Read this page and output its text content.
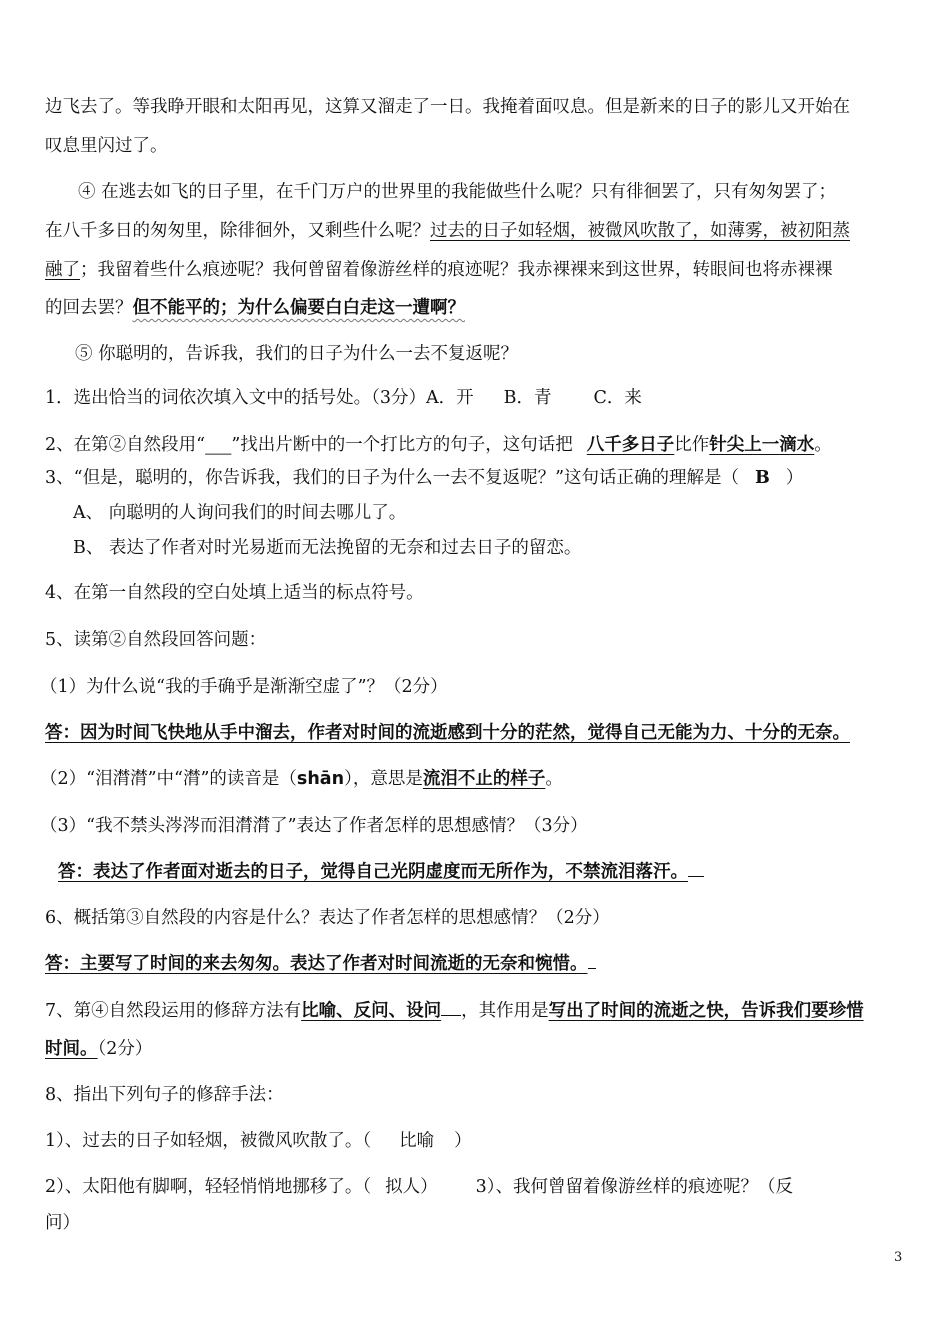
边飞去了。等我睁开眼和太阳再见，这算又溜走了一日。我掩着面叹息。但是新来的日子的影儿又开始在
叹息里闪过了。
④ 在逃去如飞的日子里，在千门万户的世界里的我能做些什么呢？只有徘徊罢了，只有匆匆罢了；
在八千多日的匆匆里，除徘徊外，又剩些什么呢？过去的日子如轻烟，被微风吹散了，如薄雾，被初阳蒸
融了；我留着些什么痕迹呢？我何曾留着像游丝样的痕迹呢？我赤裸裸来到这世界，转眼间也将赤裸裸
的回去罢？但不能平的；为什么偏要白白走这一遭啊？
⑤ 你聪明的，告诉我，我们的日子为什么一去不复返呢？
1．选出恰当的词依次填入文中的括号处。（3分）A．开 B．青 C．来
2、在第②自然段用“___”找出片断中的一个打比方的句子，这句话把 八千多日子比作针尖上一滴水。
3、“但是，聪明的，你告诉我，我们的日子为什么一去不复返呢？”这句话正确的理解是（ B ）
A、 向聪明的人询问我们的时间去哪儿了。
B、 表达了作者对时光易逝而无法挽留的无奈和过去日子的留恋。
4、在第一自然段的空白处填上适当的标点符号。
5、读第②自然段回答问题：
（1）为什么说“我的手确乎是渐渐空虚了”？（2分）
答：因为时间飞快地从手中溜去，作者对时间的流逝感到十分的茫然，觉得自己无能为力、十分的无奈。
（2）“泪潸潸”中“潸”的读音是（shān），意思是流泪不止的样子。
（3）“我不禁头涔涔而泪潸潸了”表达了作者怎样的思想感情？（3分）
答：表达了作者面对逝去的日子，觉得自己光阴虚度而无所作为，不禁流泪落汗。
6、概括第③自然段的内容是什么？表达了作者怎样的思想感情？（2分）
答：主要写了时间的来去匆匆。表达了作者对时间流逝的无奈和惋惜。
7、第④自然段运用的修辞方法有比喻、反问、设问 ，其作用是写出了时间的流逝之快，告诉我们要珍惜
时间。（2分）
8、指出下列句子的修辞手法：
1）、过去的日子如轻烟，被微风吹散了。（ 比喻 ）
2）、太阳他有脚啊，轻轻悄悄地挪移了。（ 拟人） 3）、我何曾留着像游丝样的痕迹呢？（反
问）
3
